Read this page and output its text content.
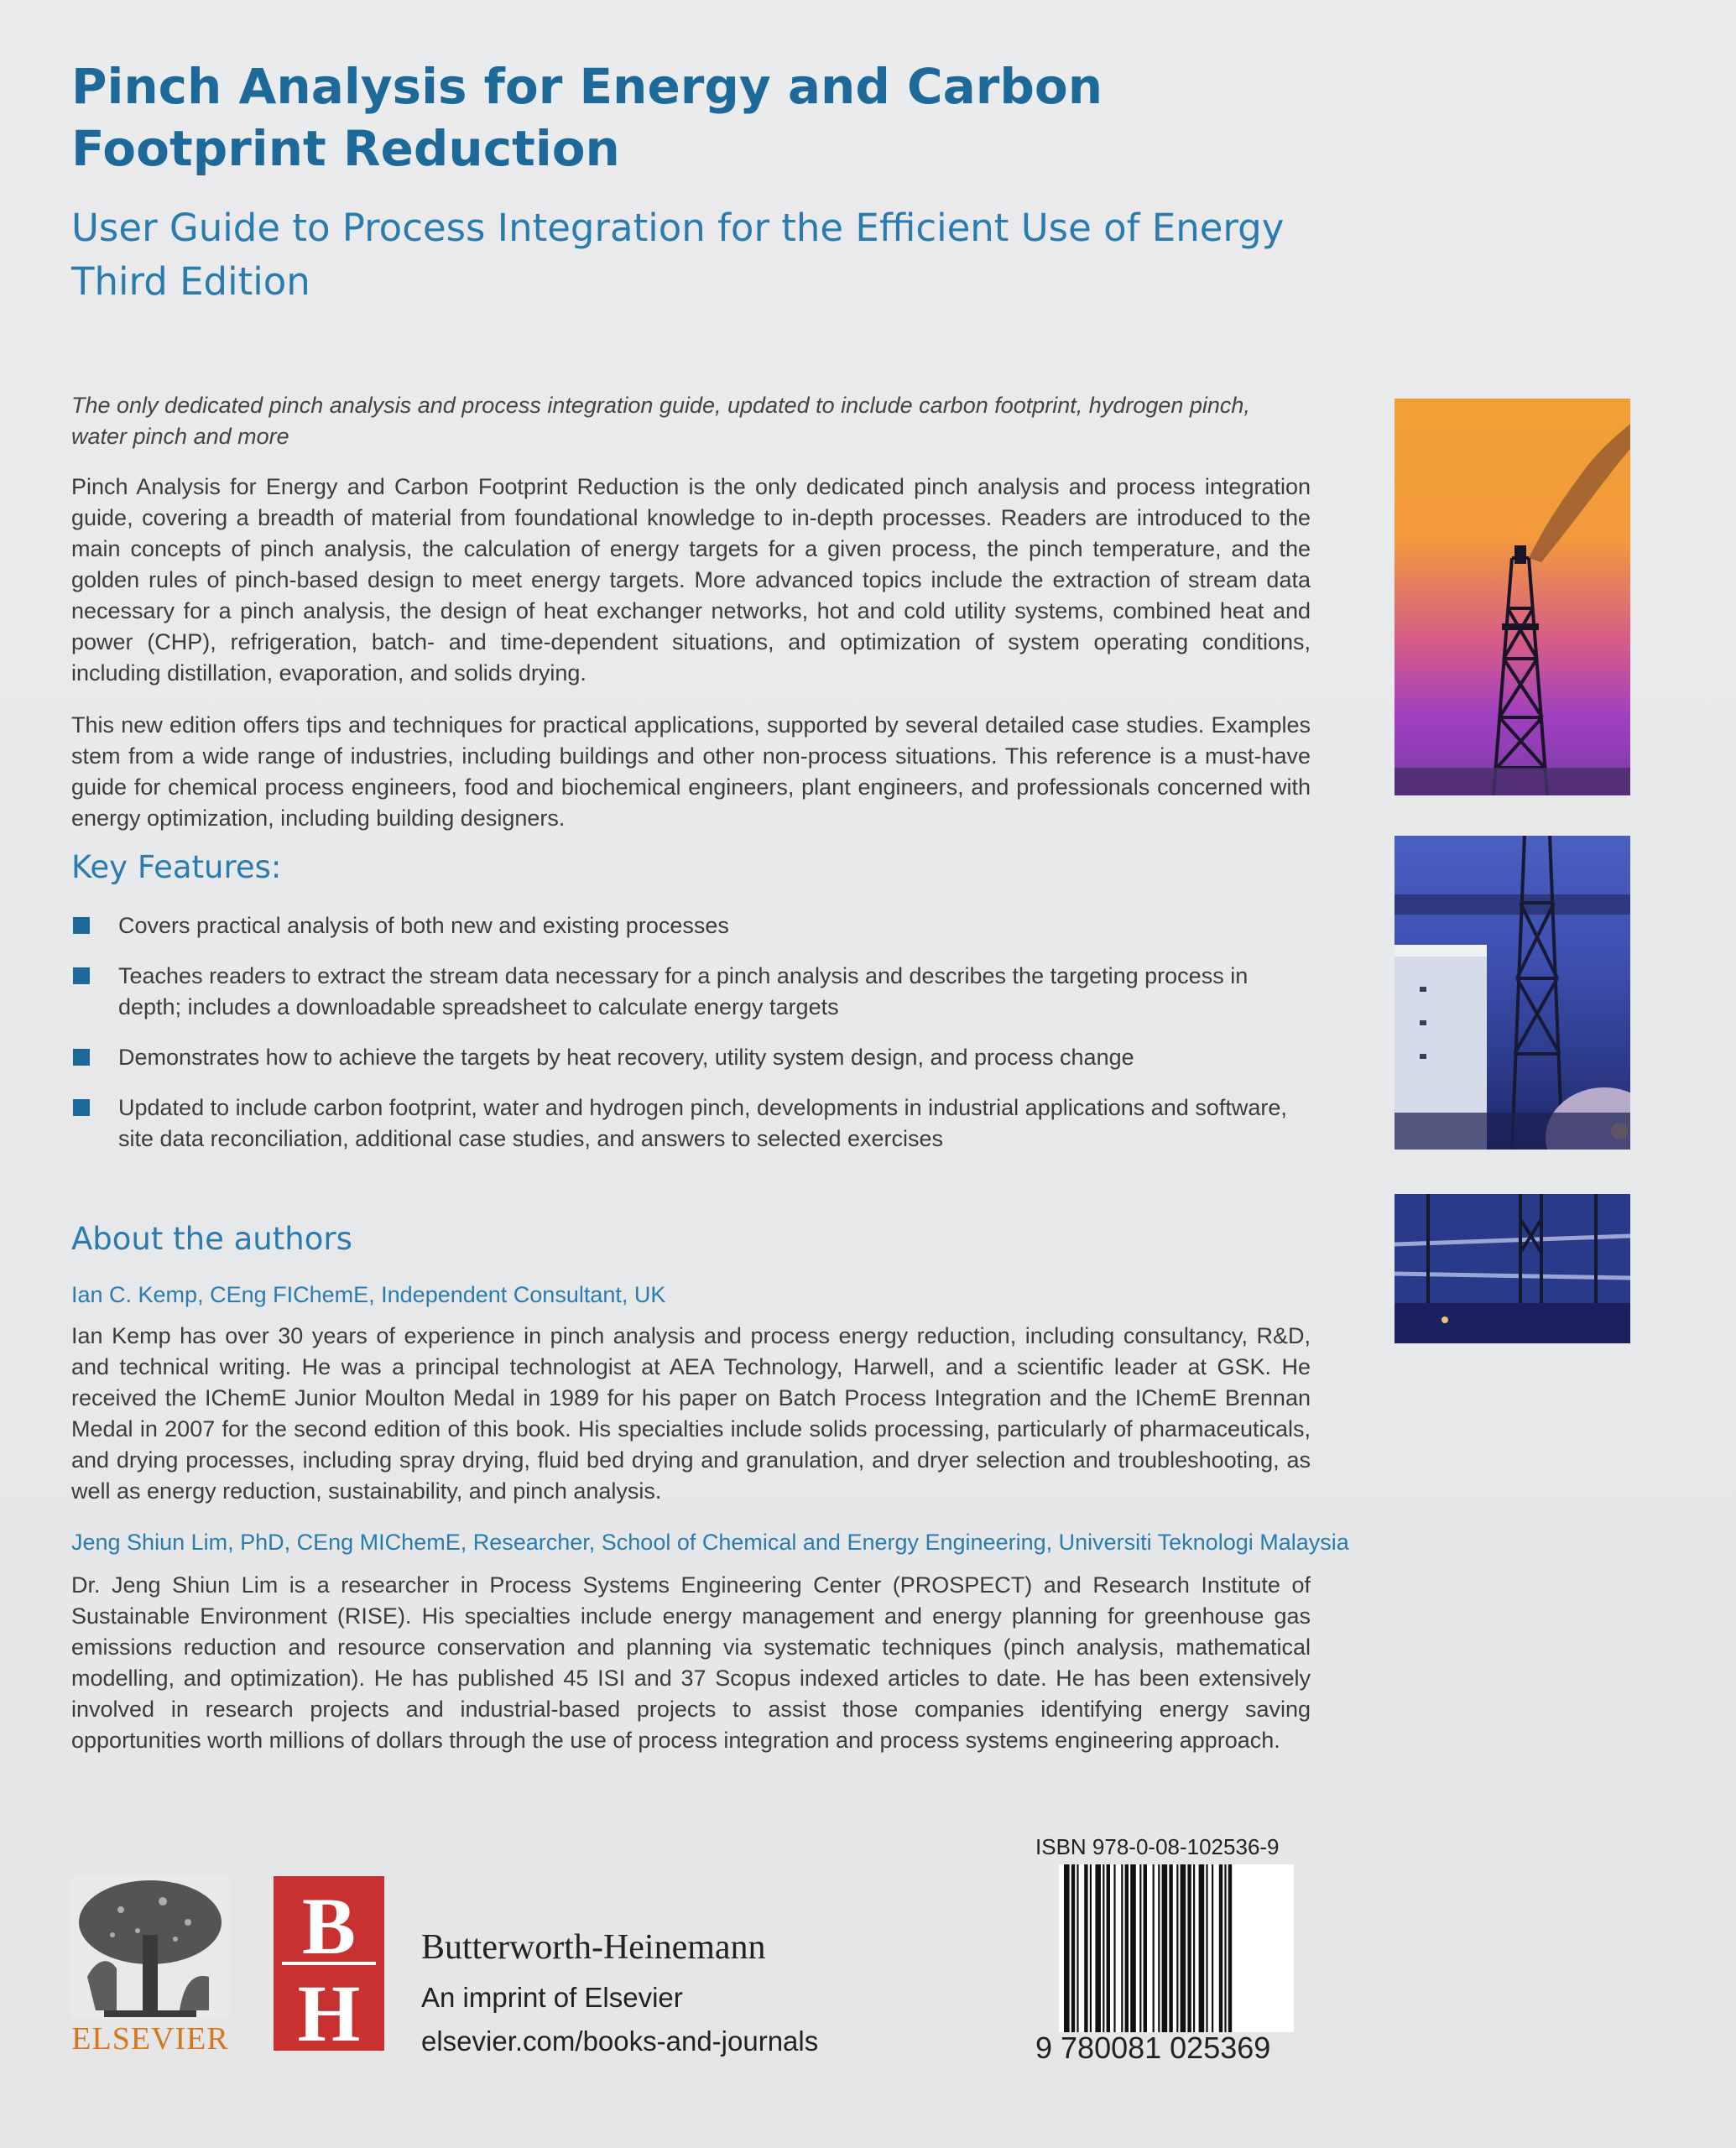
Pinch Analysis for Energy and Carbon Footprint Reduction
User Guide to Process Integration for the Efficient Use of Energy
Third Edition
The only dedicated pinch analysis and process integration guide, updated to include carbon footprint, hydrogen pinch, water pinch and more
Pinch Analysis for Energy and Carbon Footprint Reduction is the only dedicated pinch analysis and process integration guide, covering a breadth of material from foundational knowledge to in-depth processes. Readers are introduced to the main concepts of pinch analysis, the calculation of energy targets for a given process, the pinch temperature, and the golden rules of pinch-based design to meet energy targets. More advanced topics include the extraction of stream data necessary for a pinch analysis, the design of heat exchanger networks, hot and cold utility systems, combined heat and power (CHP), refrigeration, batch- and time-dependent situations, and optimization of system operating conditions, including distillation, evaporation, and solids drying.
This new edition offers tips and techniques for practical applications, supported by several detailed case studies. Examples stem from a wide range of industries, including buildings and other non-process situations. This reference is a must-have guide for chemical process engineers, food and biochemical engineers, plant engineers, and professionals concerned with energy optimization, including building designers.
Key Features:
Covers practical analysis of both new and existing processes
Teaches readers to extract the stream data necessary for a pinch analysis and describes the targeting process in depth; includes a downloadable spreadsheet to calculate energy targets
Demonstrates how to achieve the targets by heat recovery, utility system design, and process change
Updated to include carbon footprint, water and hydrogen pinch, developments in industrial applications and software, site data reconciliation, additional case studies, and answers to selected exercises
About the authors
Ian C. Kemp, CEng FIChemE, Independent Consultant, UK
Ian Kemp has over 30 years of experience in pinch analysis and process energy reduction, including consultancy, R&D, and technical writing. He was a principal technologist at AEA Technology, Harwell, and a scientific leader at GSK. He received the IChemE Junior Moulton Medal in 1989 for his paper on Batch Process Integration and the IChemE Brennan Medal in 2007 for the second edition of this book. His specialties include solids processing, particularly of pharmaceuticals, and drying processes, including spray drying, fluid bed drying and granulation, and dryer selection and troubleshooting, as well as energy reduction, sustainability, and pinch analysis.
Jeng Shiun Lim, PhD, CEng MIChemE, Researcher, School of Chemical and Energy Engineering, Universiti Teknologi Malaysia
Dr. Jeng Shiun Lim is a researcher in Process Systems Engineering Center (PROSPECT) and Research Institute of Sustainable Environment (RISE). His specialties include energy management and energy planning for greenhouse gas emissions reduction and resource conservation and planning via systematic techniques (pinch analysis, mathematical modelling, and optimization). He has published 45 ISI and 37 Scopus indexed articles to date. He has been extensively involved in research projects and industrial-based projects to assist those companies identifying energy saving opportunities worth millions of dollars through the use of process integration and process systems engineering approach.
ELSEVIER
B
H
Butterworth-Heinemann
An imprint of Elsevier
elsevier.com/books-and-journals
ISBN 978-0-08-102536-9
9 780081 025369
